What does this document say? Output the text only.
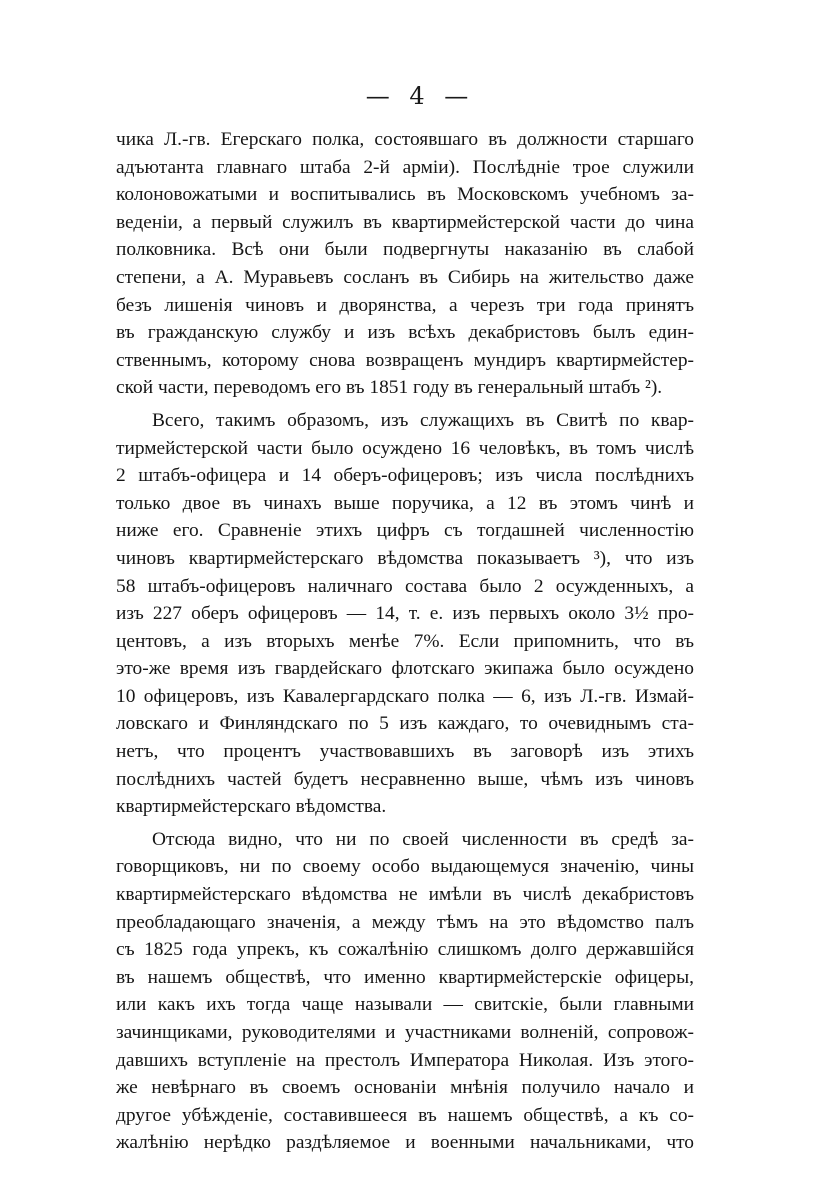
— 4 —
чика Л.-гв. Егерскаго полка, состоявшаго въ должности старшаго
адъютанта главнаго штаба 2-й арміи). Послѣдніе трое служили
колоновожатыми и воспитывались въ Московскомъ учебномъ за-
веденіи, а первый служилъ въ квартирмейстерской части до чина
полковника. Всѣ они были подвергнуты наказанію въ слабой
степени, а А. Муравьевъ сосланъ въ Сибирь на жительство даже
безъ лишенія чиновъ и дворянства, а черезъ три года принятъ
въ гражданскую службу и изъ всѣхъ декабристовъ былъ един-
ственнымъ, которому снова возвращенъ мундиръ квартирмейстер-
ской части, переводомъ его въ 1851 году въ генеральный штабъ ²).
Всего, такимъ образомъ, изъ служащихъ въ Свитѣ по квар-
тирмейстерской части было осуждено 16 человѣкъ, въ томъ числѣ
2 штабъ-офицера и 14 оберъ-офицеровъ; изъ числа послѣднихъ
только двое въ чинахъ выше поручика, а 12 въ этомъ чинѣ и
ниже его. Сравненіе этихъ цифръ съ тогдашней численностію
чиновъ квартирмейстерскаго вѣдомства показываетъ ³), что изъ
58 штабъ-офицеровъ наличнаго состава было 2 осужденныхъ, а
изъ 227 оберъ офицеровъ — 14, т. е. изъ первыхъ около 3½ про-
центовъ, а изъ вторыхъ менѣе 7%. Если припомнить, что въ
это-же время изъ гвардейскаго флотскаго экипажа было осуждено
10 офицеровъ, изъ Кавалергардскаго полка — 6, изъ Л.-гв. Измай-
ловскаго и Финляндскаго по 5 изъ каждаго, то очевиднымъ ста-
нетъ, что процентъ участвовавшихъ въ заговорѣ изъ этихъ
послѣднихъ частей будетъ несравненно выше, чѣмъ изъ чиновъ
квартирмейстерскаго вѣдомства.
Отсюда видно, что ни по своей численности въ средѣ за-
говорщиковъ, ни по своему особо выдающемуся значенію, чины
квартирмейстерскаго вѣдомства не имѣли въ числѣ декабристовъ
преобладающаго значенія, а между тѣмъ на это вѣдомство палъ
съ 1825 года упрекъ, къ сожалѣнію слишкомъ долго державшійся
въ нашемъ обществѣ, что именно квартирмейстерскіе офицеры,
или какъ ихъ тогда чаще называли — свитскіе, были главными
зачинщиками, руководителями и участниками волненій, сопровож-
давшихъ вступленіе на престолъ Императора Николая. Изъ этого-
же невѣрнаго въ своемъ основаніи мнѣнія получило начало и
другое убѣжденіе, составившееся въ нашемъ обществѣ, а къ со-
жалѣнію нерѣдко раздѣляемое и военными начальниками, что
